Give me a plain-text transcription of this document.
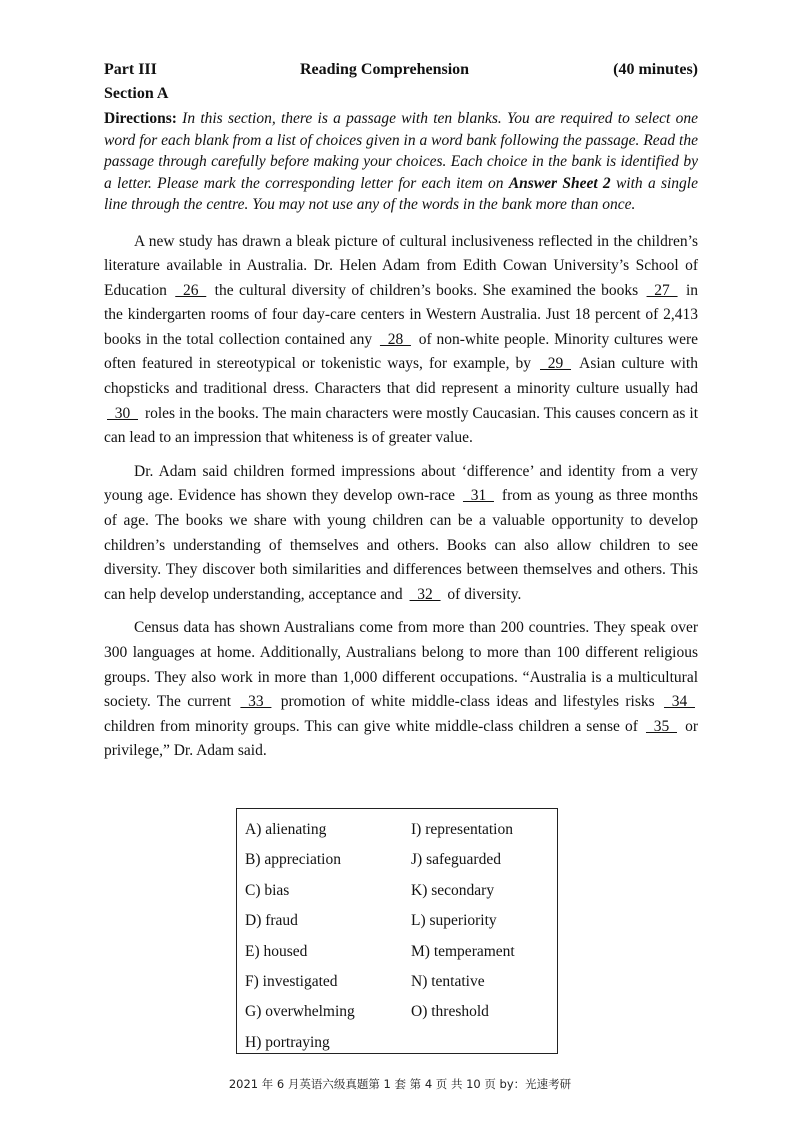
Part III	Reading Comprehension	(40 minutes)
Section A

Directions: In this section, there is a passage with ten blanks. You are required to select one word for each blank from a list of choices given in a word bank following the passage. Read the passage through carefully before making your choices. Each choice in the bank is identified by a letter. Please mark the corresponding letter for each item on Answer Sheet 2 with a single line through the centre. You may not use any of the words in the bank more than once.

A new study has drawn a bleak picture of cultural inclusiveness reflected in the children’s literature available in Australia. Dr. Helen Adam from Edith Cowan University’s School of Education   26   the cultural diversity of children’s books. She examined the books   27   in the kindergarten rooms of four day-care centers in Western Australia. Just 18 percent of 2,413 books in the total collection contained any   28   of non-white people. Minority cultures were often featured in stereotypical or tokenistic ways, for example, by   29   Asian culture with chopsticks and traditional dress. Characters that did represent a minority culture usually had   30   roles in the books. The main characters were mostly Caucasian. This causes concern as it can lead to an impression that whiteness is of greater value.

Dr. Adam said children formed impressions about ‘difference’ and identity from a very young age. Evidence has shown they develop own-race   31   from as young as three months of age. The books we share with young children can be a valuable opportunity to develop children’s understanding of themselves and others. Books can also allow children to see diversity. They discover both similarities and differences between themselves and others. This can help develop understanding, acceptance and   32   of diversity.

Census data has shown Australians come from more than 200 countries. They speak over 300 languages at home. Additionally, Australians belong to more than 100 different religious groups. They also work in more than 1,000 different occupations. “Australia is a multicultural society. The current   33   promotion of white middle-class ideas and lifestyles risks   34   children from minority groups. This can give white middle-class children a sense of   35   or privilege,” Dr. Adam said.

A) alienating
B) appreciation
C) bias
D) fraud
E) housed
F) investigated
G) overwhelming
H) portraying
I) representation
J) safeguarded
K) secondary
L) superiority
M) temperament
N) tentative
O) threshold
2021 年 6 月英语六级真题第 1 套 第 4 页 共 10 页 by：光速考研
